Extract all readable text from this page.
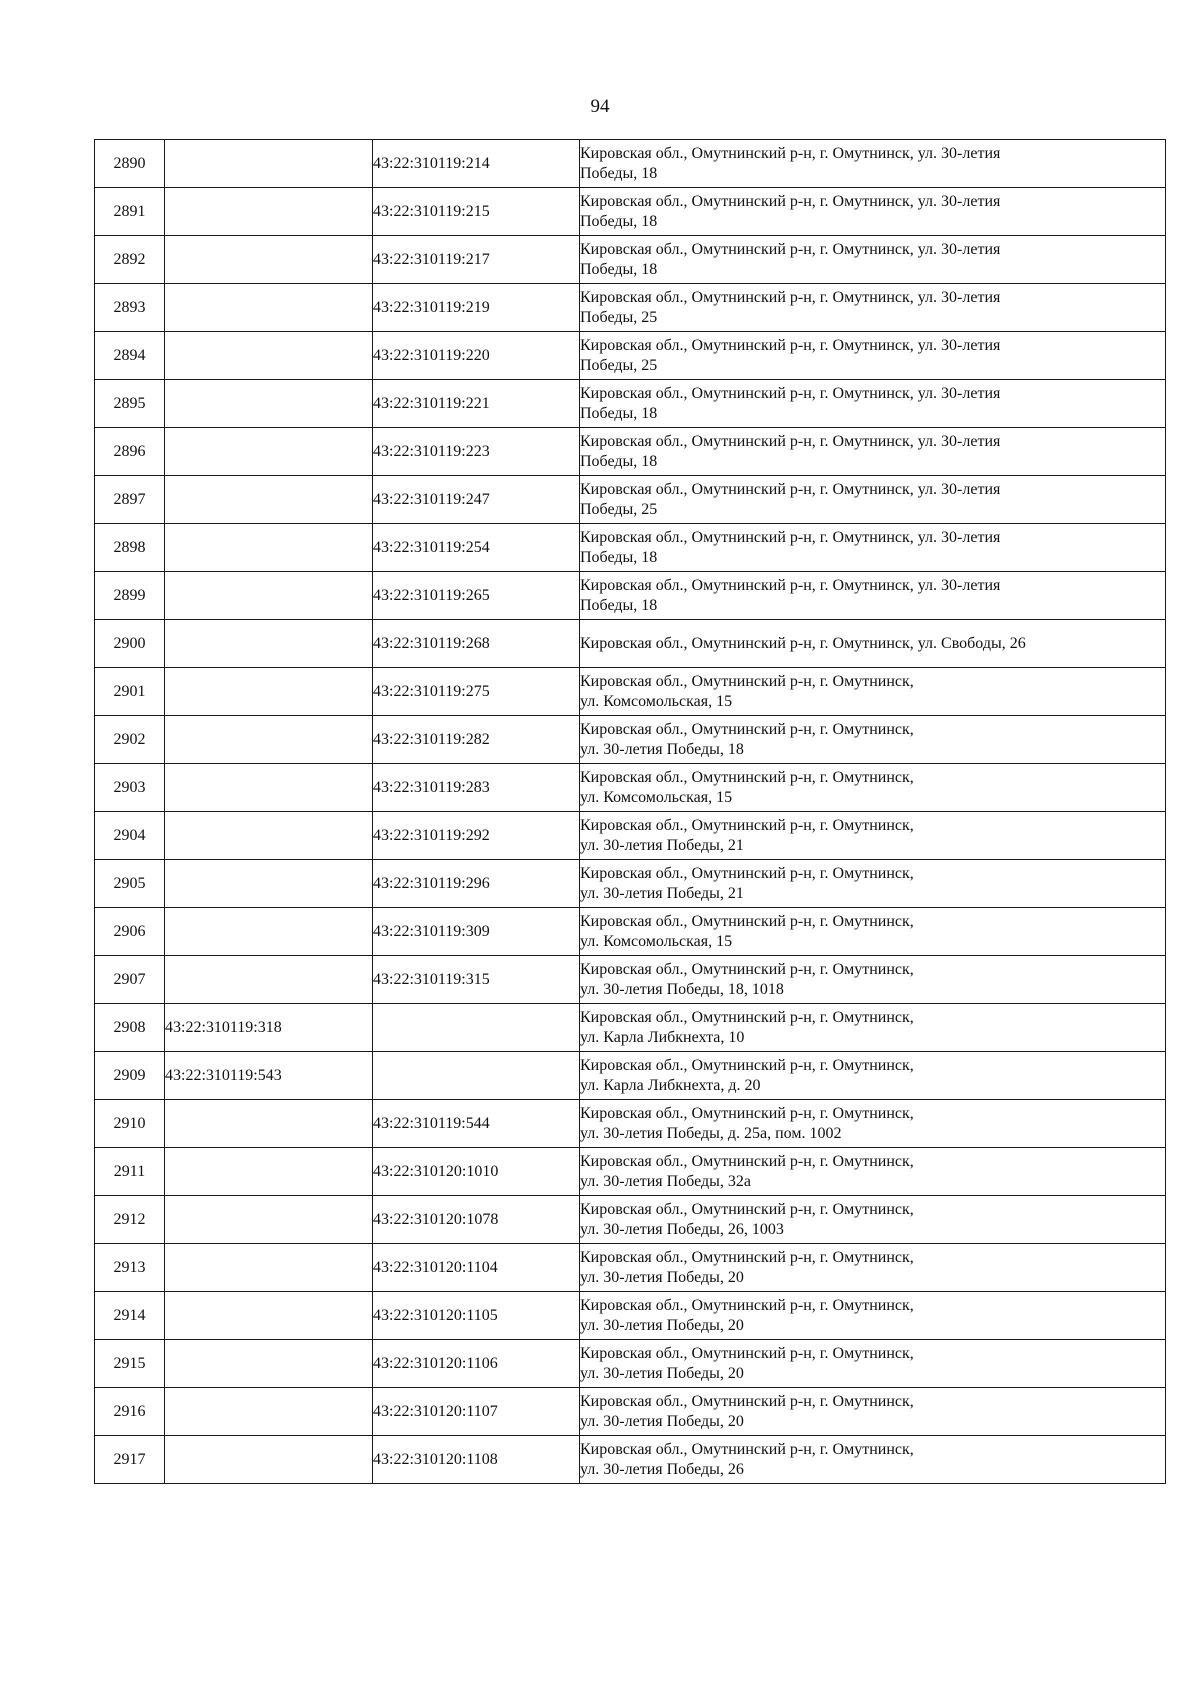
94
2890		43:22:310119:214	Кировская обл., Омутнинский р-н, г. Омутнинск, ул. 30-летия
Победы, 18

2891		43:22:310119:215	Кировская обл., Омутнинский р-н, г. Омутнинск, ул. 30-летия
Победы, 18

2892		43:22:310119:217	Кировская обл., Омутнинский р-н, г. Омутнинск, ул. 30-летия
Победы, 18

2893		43:22:310119:219	Кировская обл., Омутнинский р-н, г. Омутнинск, ул. 30-летия
Победы, 25

2894		43:22:310119:220	Кировская обл., Омутнинский р-н, г. Омутнинск, ул. 30-летия
Победы, 25

2895		43:22:310119:221	Кировская обл., Омутнинский р-н, г. Омутнинск, ул. 30-летия
Победы, 18

2896		43:22:310119:223	Кировская обл., Омутнинский р-н, г. Омутнинск, ул. 30-летия
Победы, 18

2897		43:22:310119:247	Кировская обл., Омутнинский р-н, г. Омутнинск, ул. 30-летия
Победы, 25

2898		43:22:310119:254	Кировская обл., Омутнинский р-н, г. Омутнинск, ул. 30-летия
Победы, 18

2899		43:22:310119:265	Кировская обл., Омутнинский р-н, г. Омутнинск, ул. 30-летия
Победы, 18

2900		43:22:310119:268	Кировская обл., Омутнинский р-н, г. Омутнинск, ул. Свободы, 26

2901		43:22:310119:275	Кировская обл., Омутнинский р-н, г. Омутнинск,
ул. Комсомольская, 15

2902		43:22:310119:282	Кировская обл., Омутнинский р-н, г. Омутнинск,
ул. 30-летия Победы, 18

2903		43:22:310119:283	Кировская обл., Омутнинский р-н, г. Омутнинск,
ул. Комсомольская, 15

2904		43:22:310119:292	Кировская обл., Омутнинский р-н, г. Омутнинск,
ул. 30-летия Победы, 21

2905		43:22:310119:296	Кировская обл., Омутнинский р-н, г. Омутнинск,
ул. 30-летия Победы, 21

2906		43:22:310119:309	Кировская обл., Омутнинский р-н, г. Омутнинск,
ул. Комсомольская, 15

2907		43:22:310119:315	Кировская обл., Омутнинский р-н, г. Омутнинск,
ул. 30-летия Победы, 18, 1018

2908	43:22:310119:318		Кировская обл., Омутнинский р-н, г. Омутнинск,
ул. Карла Либкнехта, 10

2909	43:22:310119:543		Кировская обл., Омутнинский р-н, г. Омутнинск,
ул. Карла Либкнехта, д. 20

2910		43:22:310119:544	Кировская обл., Омутнинский р-н, г. Омутнинск,
ул. 30-летия Победы, д. 25а, пом. 1002

2911		43:22:310120:1010	Кировская обл., Омутнинский р-н, г. Омутнинск,
ул. 30-летия Победы, 32а

2912		43:22:310120:1078	Кировская обл., Омутнинский р-н, г. Омутнинск,
ул. 30-летия Победы, 26, 1003

2913		43:22:310120:1104	Кировская обл., Омутнинский р-н, г. Омутнинск,
ул. 30-летия Победы, 20

2914		43:22:310120:1105	Кировская обл., Омутнинский р-н, г. Омутнинск,
ул. 30-летия Победы, 20

2915		43:22:310120:1106	Кировская обл., Омутнинский р-н, г. Омутнинск,
ул. 30-летия Победы, 20

2916		43:22:310120:1107	Кировская обл., Омутнинский р-н, г. Омутнинск,
ул. 30-летия Победы, 20

2917		43:22:310120:1108	Кировская обл., Омутнинский р-н, г. Омутнинск,
ул. 30-летия Победы, 26
